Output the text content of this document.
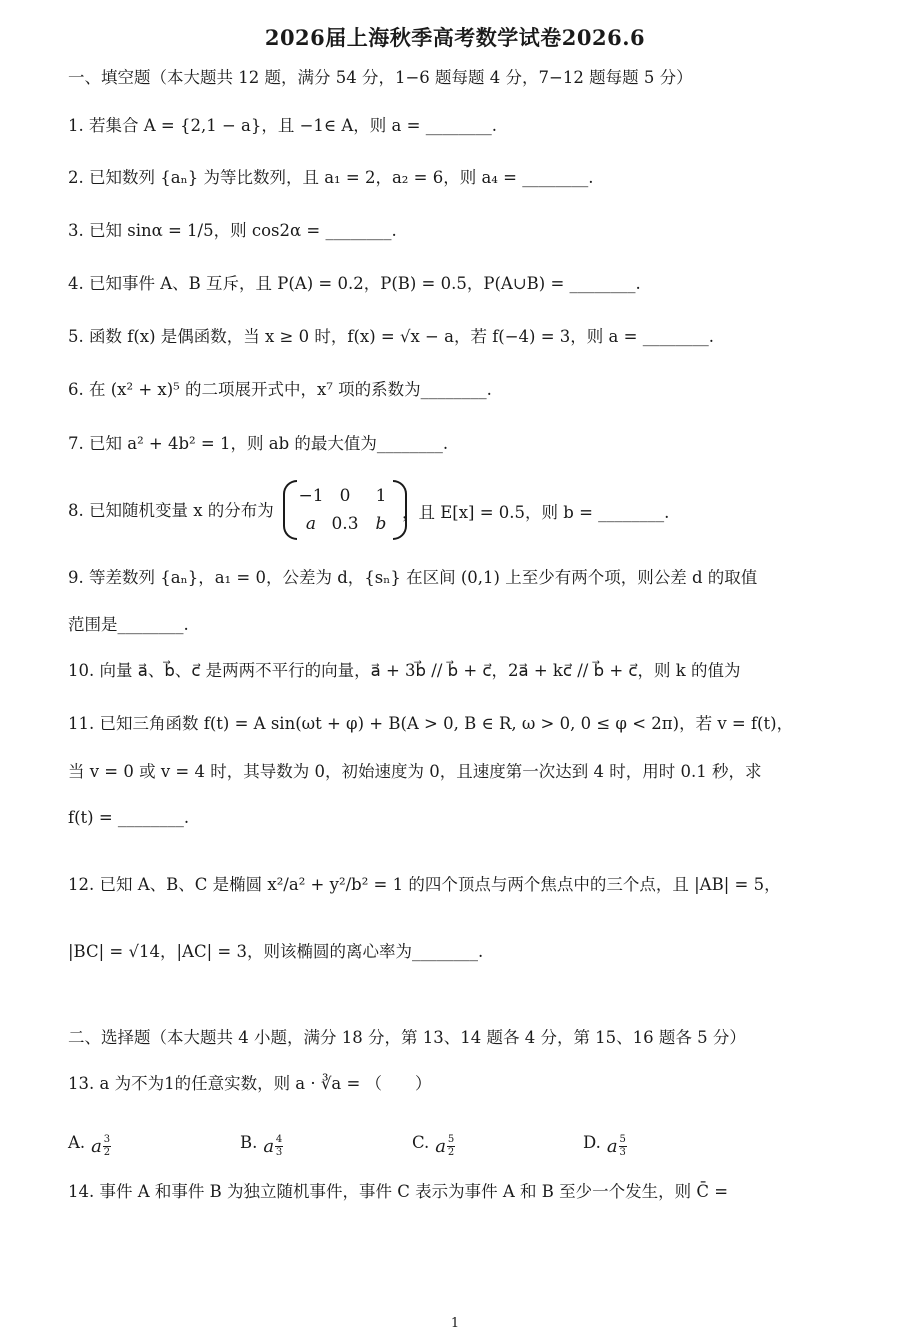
2026届上海秋季高考数学试卷2026.6
一、填空题（本大题共 12 题，满分 54 分，1−6 题每题 4 分，7−12 题每题 5 分）
1. 若集合 A = {2,1 − a}，且 −1∈ A，则 a = ________.
2. 已知数列 {aₙ} 为等比数列，且 a₁ = 2，a₂ = 6，则 a₄ = ________.
3. 已知 sinα = 1/5，则 cos2α = ________.
4. 已知事件 A、B 互斥，且 P(A) = 0.2，P(B) = 0.5，P(A∪B) = ________.
5. 函数 f(x) 是偶函数，当 x ≥ 0 时，f(x) = √x − a，若 f(−4) = 3，则 a = ________.
6. 在 (x² + x)⁵ 的二项展开式中，x⁷ 项的系数为________.
7. 已知 a² + 4b² = 1，则 ab 的最大值为________.
8. 已知随机变量 x 的分布为
−1 0	1
a 0.3	b
，且 E[x] = 0.5，则 b = ________.
9. 等差数列 {aₙ}，a₁ = 0，公差为 d，{sₙ} 在区间 (0,1) 上至少有两个项，则公差 d 的取值
范围是________.
10. 向量 a⃗、b⃗、c⃗ 是两两不平行的向量，a⃗ + 3b⃗ // b⃗ + c⃗，2a⃗ + kc⃗ // b⃗ + c⃗，则 k 的值为
11. 已知三角函数 f(t) = A sin(ωt + φ) + B(A > 0, B ∈ R, ω > 0, 0 ≤ φ < 2π)，若 v = f(t)，
当 v = 0 或 v = 4 时，其导数为 0，初始速度为 0，且速度第一次达到 4 时，用时 0.1 秒，求
f(t) = ________.
12. 已知 A、B、C 是椭圆 x²/a² + y²/b² = 1 的四个顶点与两个焦点中的三个点，且 |AB| = 5，
|BC| = √14，|AC| = 3，则该椭圆的离心率为________.
二、选择题（本大题共 4 小题，满分 18 分，第 13、14 题各 4 分，第 15、16 题各 5 分）
13. a 为不为1的任意实数，则 a · ∛a = （　　）
A. a $\frac{3}{2}$	B. a $\frac{4}{3}$	C. a $\frac{5}{2}$	D. a $\frac{5}{3}$
14. 事件 A 和事件 B 为独立随机事件，事件 C 表示为事件 A 和 B 至少一个发生，则 C̄ =
1
